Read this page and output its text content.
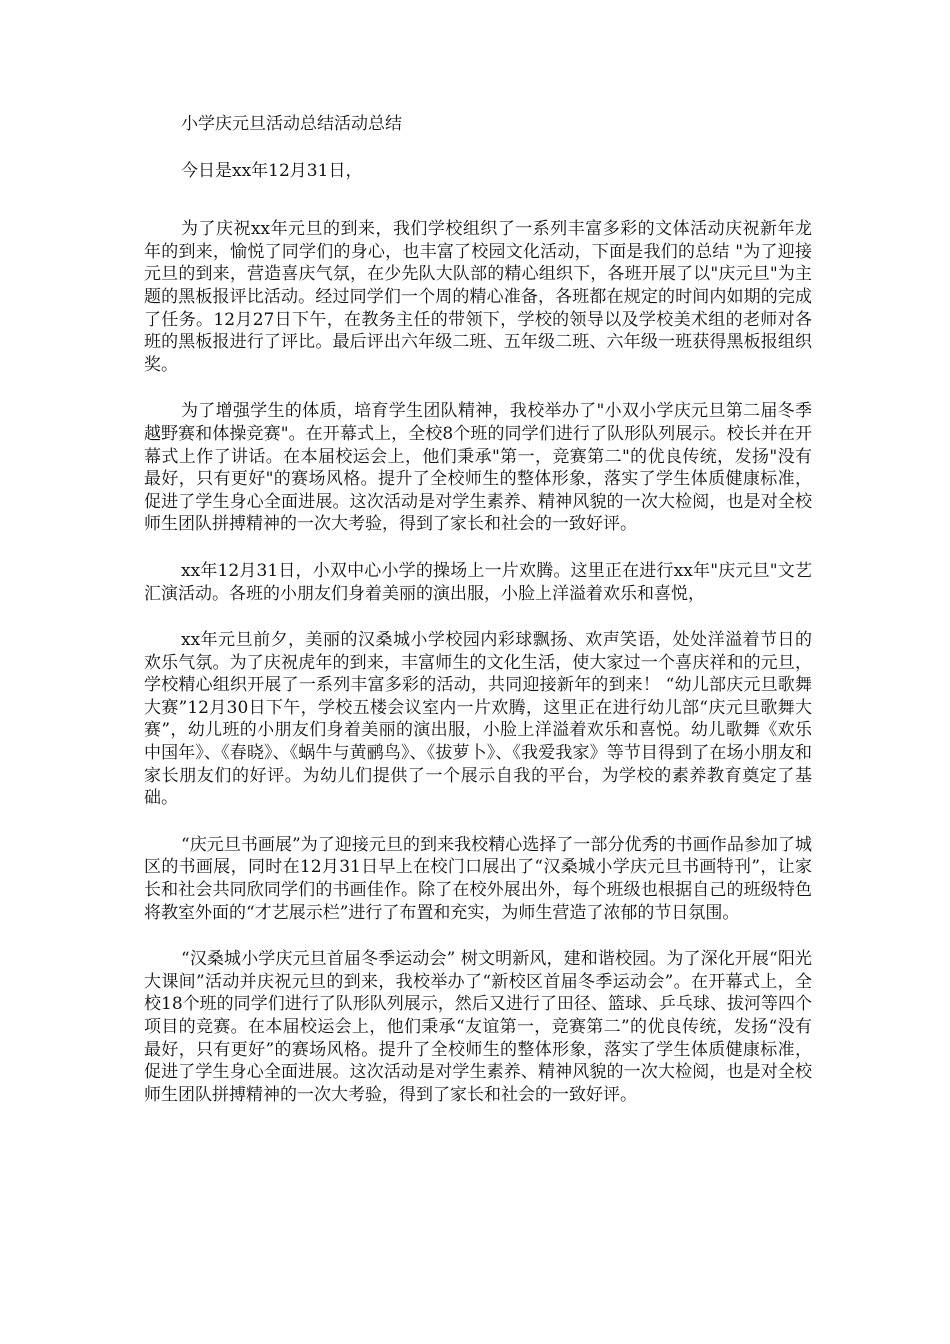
小学庆元旦活动总结活动总结

今日是xx年12月31日，

为了庆祝xx年元旦的到来，我们学校组织了一系列丰富多彩的文体活动庆祝新年龙年的到来，愉悦了同学们的身心，也丰富了校园文化活动，下面是我们的总结 "为了迎接元旦的到来，营造喜庆气氛，在少先队大队部的精心组织下，各班开展了以"庆元旦"为主题的黑板报评比活动。经过同学们一个周的精心准备，各班都在规定的时间内如期的完成了任务。12月27日下午，在教务主任的带领下，学校的领导以及学校美术组的老师对各班的黑板报进行了评比。最后评出六年级二班、五年级二班、六年级一班获得黑板报组织奖。

为了增强学生的体质，培育学生团队精神，我校举办了"小双小学庆元旦第二届冬季越野赛和体操竞赛"。在开幕式上，全校8个班的同学们进行了队形队列展示。校长并在开幕式上作了讲话。在本届校运会上，他们秉承"第一，竞赛第二"的优良传统，发扬"没有最好，只有更好"的赛场风格。提升了全校师生的整体形象，落实了学生体质健康标准，促进了学生身心全面进展。这次活动是对学生素养、精神风貌的一次大检阅，也是对全校师生团队拼搏精神的一次大考验，得到了家长和社会的一致好评。

xx年12月31日，小双中心小学的操场上一片欢腾。这里正在进行xx年"庆元旦"文艺汇演活动。各班的小朋友们身着美丽的演出服，小脸上洋溢着欢乐和喜悦，

xx年元旦前夕，美丽的汉桑城小学校园内彩球飘扬、欢声笑语，处处洋溢着节日的欢乐气氛。为了庆祝虎年的到来，丰富师生的文化生活，使大家过一个喜庆祥和的元旦，学校精心组织开展了一系列丰富多彩的活动，共同迎接新年的到来！ “幼儿部庆元旦歌舞大赛”12月30日下午，学校五楼会议室内一片欢腾，这里正在进行幼儿部“庆元旦歌舞大赛”，幼儿班的小朋友们身着美丽的演出服，小脸上洋溢着欢乐和喜悦。幼儿歌舞《欢乐中国年》、《春晓》、《蜗牛与黄鹂鸟》、《拔萝卜》、《我爱我家》等节目得到了在场小朋友和家长朋友们的好评。为幼儿们提供了一个展示自我的平台，为学校的素养教育奠定了基础。

“庆元旦书画展”为了迎接元旦的到来我校精心选择了一部分优秀的书画作品参加了城区的书画展，同时在12月31日早上在校门口展出了“汉桑城小学庆元旦书画特刊”，让家长和社会共同欣同学们的书画佳作。除了在校外展出外，每个班级也根据自己的班级特色将教室外面的“才艺展示栏”进行了布置和充实，为师生营造了浓郁的节日氛围。

“汉桑城小学庆元旦首届冬季运动会” 树文明新风，建和谐校园。为了深化开展“阳光大课间”活动并庆祝元旦的到来，我校举办了“新校区首届冬季运动会”。在开幕式上，全校18个班的同学们进行了队形队列展示，然后又进行了田径、篮球、乒乓球、拔河等四个项目的竞赛。在本届校运会上，他们秉承“友谊第一，竞赛第二”的优良传统，发扬“没有最好，只有更好”的赛场风格。提升了全校师生的整体形象，落实了学生体质健康标准，促进了学生身心全面进展。这次活动是对学生素养、精神风貌的一次大检阅，也是对全校师生团队拼搏精神的一次大考验，得到了家长和社会的一致好评。
